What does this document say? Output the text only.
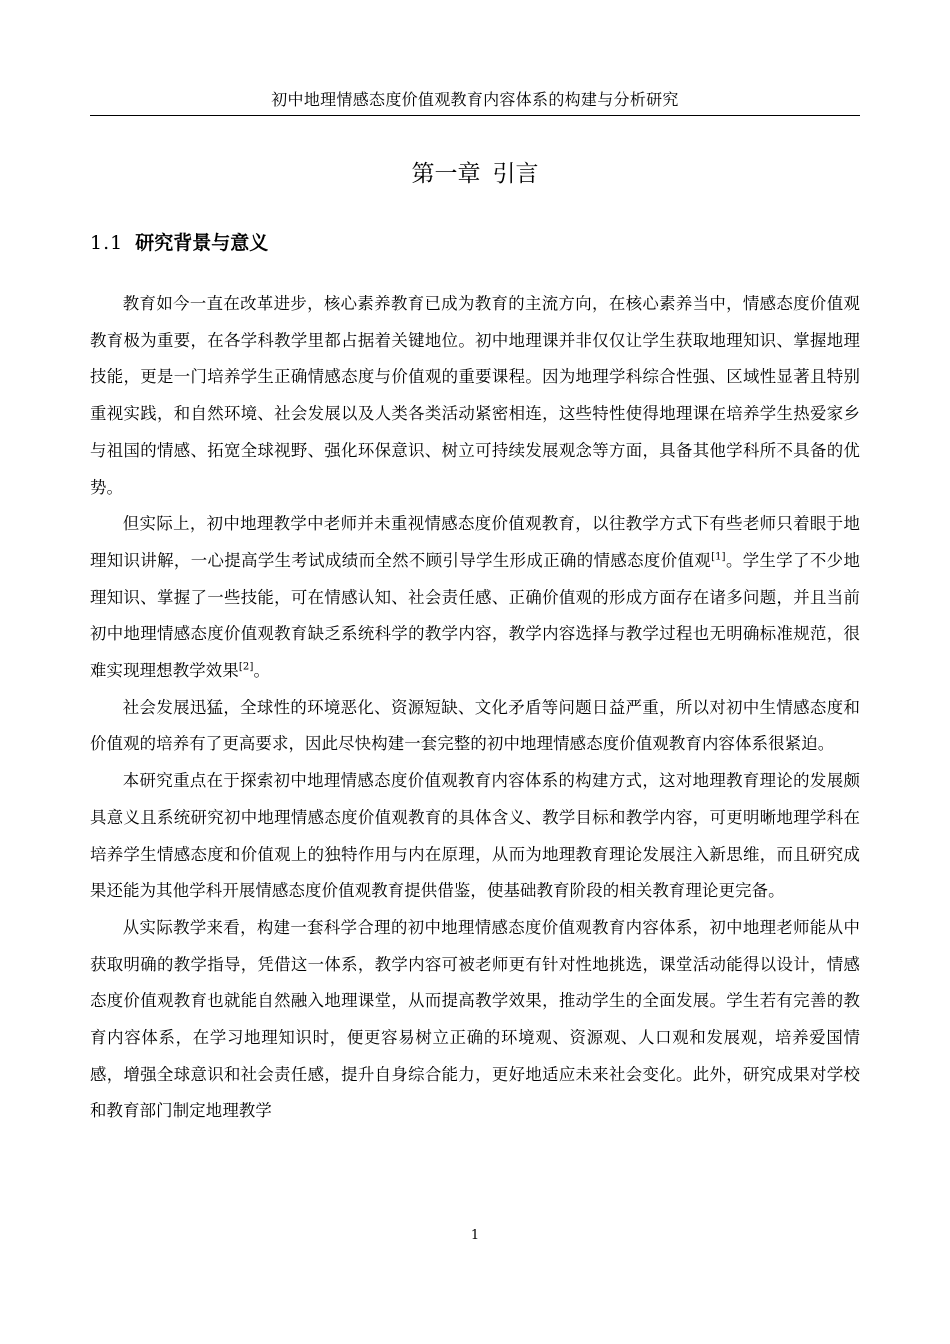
初中地理情感态度价值观教育内容体系的构建与分析研究
第一章 引言
1.1 研究背景与意义

教育如今一直在改革进步，核心素养教育已成为教育的主流方向，在核心素养当中，情感态度价值观教育极为重要，在各学科教学里都占据着关键地位。初中地理课并非仅仅让学生获取地理知识、掌握地理技能，更是一门培养学生正确情感态度与价值观的重要课程。因为地理学科综合性强、区域性显著且特别重视实践，和自然环境、社会发展以及人类各类活动紧密相连，这些特性使得地理课在培养学生热爱家乡与祖国的情感、拓宽全球视野、强化环保意识、树立可持续发展观念等方面，具备其他学科所不具备的优势。

但实际上，初中地理教学中老师并未重视情感态度价值观教育，以往教学方式下有些老师只着眼于地理知识讲解，一心提高学生考试成绩而全然不顾引导学生形成正确的情感态度价值观[1]。学生学了不少地理知识、掌握了一些技能，可在情感认知、社会责任感、正确价值观的形成方面存在诸多问题，并且当前初中地理情感态度价值观教育缺乏系统科学的教学内容，教学内容选择与教学过程也无明确标准规范，很难实现理想教学效果[2]。

社会发展迅猛，全球性的环境恶化、资源短缺、文化矛盾等问题日益严重，所以对初中生情感态度和价值观的培养有了更高要求，因此尽快构建一套完整的初中地理情感态度价值观教育内容体系很紧迫。

本研究重点在于探索初中地理情感态度价值观教育内容体系的构建方式，这对地理教育理论的发展颇具意义且系统研究初中地理情感态度价值观教育的具体含义、教学目标和教学内容，可更明晰地理学科在培养学生情感态度和价值观上的独特作用与内在原理，从而为地理教育理论发展注入新思维，而且研究成果还能为其他学科开展情感态度价值观教育提供借鉴，使基础教育阶段的相关教育理论更完备。

从实际教学来看，构建一套科学合理的初中地理情感态度价值观教育内容体系，初中地理老师能从中获取明确的教学指导，凭借这一体系，教学内容可被老师更有针对性地挑选，课堂活动能得以设计，情感态度价值观教育也就能自然融入地理课堂，从而提高教学效果，推动学生的全面发展。学生若有完善的教育内容体系，在学习地理知识时，便更容易树立正确的环境观、资源观、人口观和发展观，培养爱国情感，增强全球意识和社会责任感，提升自身综合能力，更好地适应未来社会变化。此外，研究成果对学校和教育部门制定地理教学

1
